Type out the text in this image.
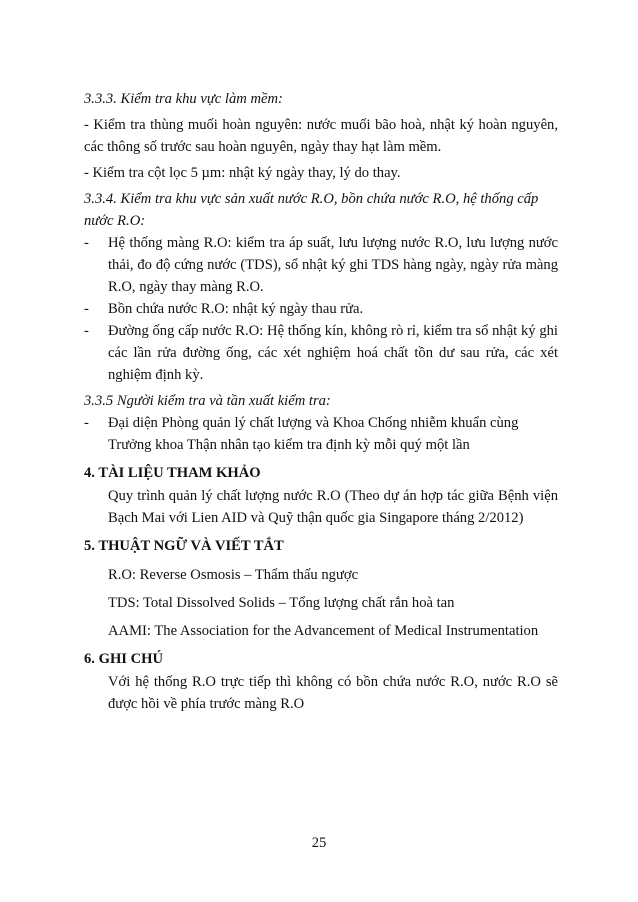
3.3.3. Kiểm tra khu vực làm mềm:

- Kiểm tra thùng muối hoàn nguyên: nước muối bão hoà, nhật ký hoàn nguyên, các thông số trước sau hoàn nguyên, ngày thay hạt làm mềm.

- Kiểm tra cột lọc 5 µm: nhật ký ngày thay, lý do thay.

3.3.4. Kiểm tra khu vực sản xuất nước R.O, bồn chứa nước R.O, hệ thống cấp nước R.O:

-	Hệ thống màng R.O: kiểm tra áp suất, lưu lượng nước R.O, lưu lượng nước thải, đo độ cứng nước (TDS), sổ nhật ký ghi TDS hàng ngày, ngày rửa màng R.O, ngày thay màng R.O.
-	Bồn chứa nước R.O: nhật ký ngày thau rửa.
-	Đường ống cấp nước R.O: Hệ thống kín, không rò rỉ, kiểm tra sổ nhật ký ghi các lần rửa đường ống, các xét nghiệm hoá chất tồn dư sau rửa, các xét nghiệm định kỳ.

3.3.5 Người kiểm tra và tần xuất kiểm tra:

-	Đại diện Phòng quản lý chất lượng và Khoa Chống nhiễm khuẩn cùng Trưởng khoa Thận nhân tạo kiểm tra định kỳ mỗi quý một lần

4. TÀI LIỆU THAM KHẢO

Quy trình quản lý chất lượng nước R.O (Theo dự án hợp tác giữa Bệnh viện Bạch Mai với Lien AID và Quỹ thận quốc gia Singapore tháng 2/2012)

5. THUẬT NGỮ VÀ VIẾT TẮT

R.O: Reverse Osmosis – Thẩm thấu ngược

TDS: Total Dissolved Solids – Tổng lượng chất rắn hoà tan

AAMI: The Association for the Advancement of Medical Instrumentation

6. GHI CHÚ

Với hệ thống R.O trực tiếp thì không có bồn chứa nước R.O, nước R.O sẽ được hồi về phía trước màng R.O

25
